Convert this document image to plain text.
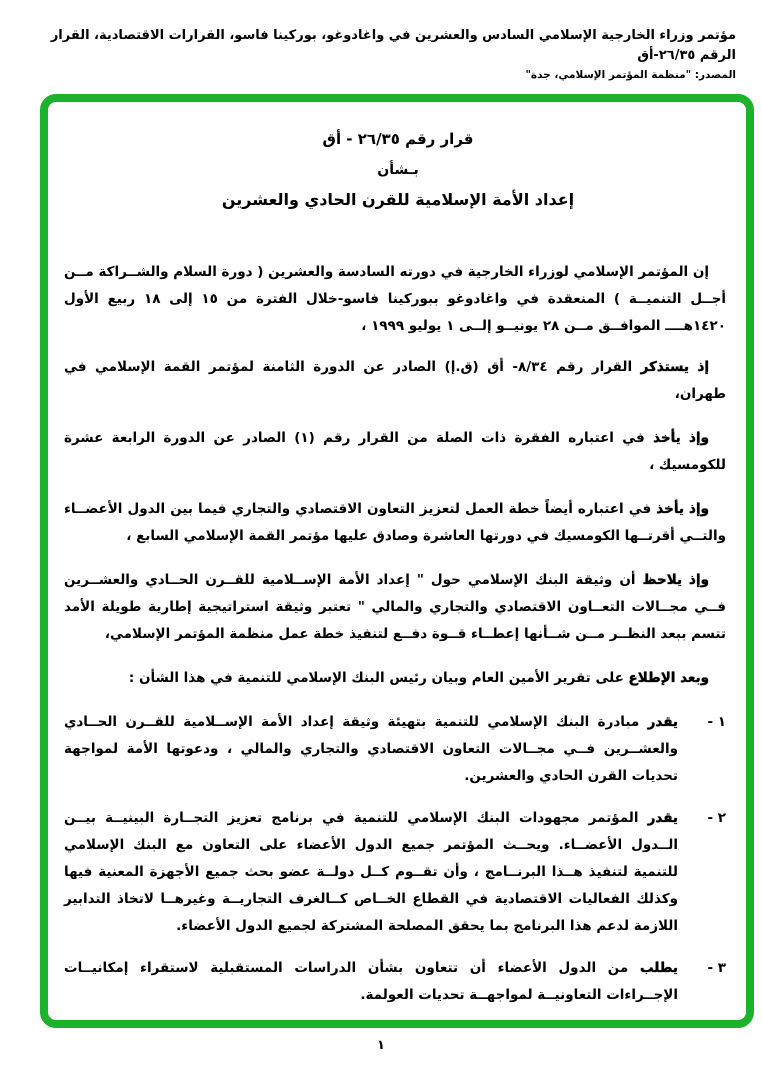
مؤتمر وزراء الخارجية الإسلامي السادس والعشرين في واغادوغو، بوركينا فاسو، القرارات الاقتصادية، القرار الرقم ٢٦/٣٥-أق
المصدر: "منظمة المؤتمر الإسلامي، جدة"
قرار رقم ٢٦/٣٥ - أق
بـشأن
إعداد الأمة الإسلامية للقرن الحادي والعشرين

إن المؤتمر الإسلامي لوزراء الخارجية في دورته السادسة والعشرين ( دورة السلام والشــراكة مــن أجــل التنميــة ) المنعقدة في واغادوغو ببوركينا فاسو-خلال الفترة من ١٥ إلى ١٨ ربيع الأول ١٤٢٠هــــ الموافــق مــن ٢٨ يونيــو إلــى ١ يوليو ١٩٩٩ ،

إذ يستذكر القرار رقم ٨/٣٤- أق (ق.إ) الصادر عن الدورة الثامنة لمؤتمر القمة الإسلامي في طهران،

وإذ يأخذ في اعتباره الفقرة ذات الصلة من القرار رقم (١) الصادر عن الدورة الرابعة عشرة للكومسيك ،

وإذ يأخذ في اعتباره أيضاً خطة العمل لتعزيز التعاون الاقتصادي والتجاري فيما بين الدول الأعضــاء والتــي أقرتــها الكومسيك في دورتها العاشرة وصادق عليها مؤتمر القمة الإسلامي السابع ،

وإذ يلاحظ أن وثيقة البنك الإسلامي حول " إعداد الأمة الإســلامية للقــرن الحــادي والعشــرين فــي مجــالات التعــاون الاقتصادي والتجاري والمالي " تعتبر وثيقة استراتيجية إطارية طويلة الأمد تتسم ببعد النظــر مــن شــأنها إعطــاء قــوة دفــع لتنفيذ خطة عمل منظمة المؤتمر الإسلامي،

وبعد الإطلاع على تقرير الأمين العام وبيان رئيس البنك الإسلامي للتنمية في هذا الشأن :

١ -
يقدر مبادرة البنك الإسلامي للتنمية بتهيئة وثيقة إعداد الأمة الإســلامية للقــرن الحــادي والعشــرين فــي مجــالات التعاون الاقتصادي والتجاري والمالي ، ودعوتها الأمة لمواجهة تحديات القرن الحادي والعشرين.
٢ -
يقدر المؤتمر مجهودات البنك الإسلامي للتنمية في برنامج تعزيز التجــارة البينيــة بيــن الــدول الأعضــاء. ويحــث المؤتمر جميع الدول الأعضاء على التعاون مع البنك الإسلامي للتنمية لتنفيذ هــذا البرنــامج ، وأن تقــوم كــل دولــة عضو بحث جميع الأجهزة المعنية فيها وكذلك الفعاليات الاقتصادية في القطاع الخــاص كــالغرف التجاريــة وغيرهــا لاتخاذ التدابير اللازمة لدعم هذا البرنامج بما يحقق المصلحة المشتركة لجميع الدول الأعضاء.
٣ -
يطلب من الدول الأعضاء أن تتعاون بشأن الدراسات المستقبلية لاستقراء إمكانيــات الإجــراءات التعاونيــة لمواجهــة تحديات العولمة.
١
